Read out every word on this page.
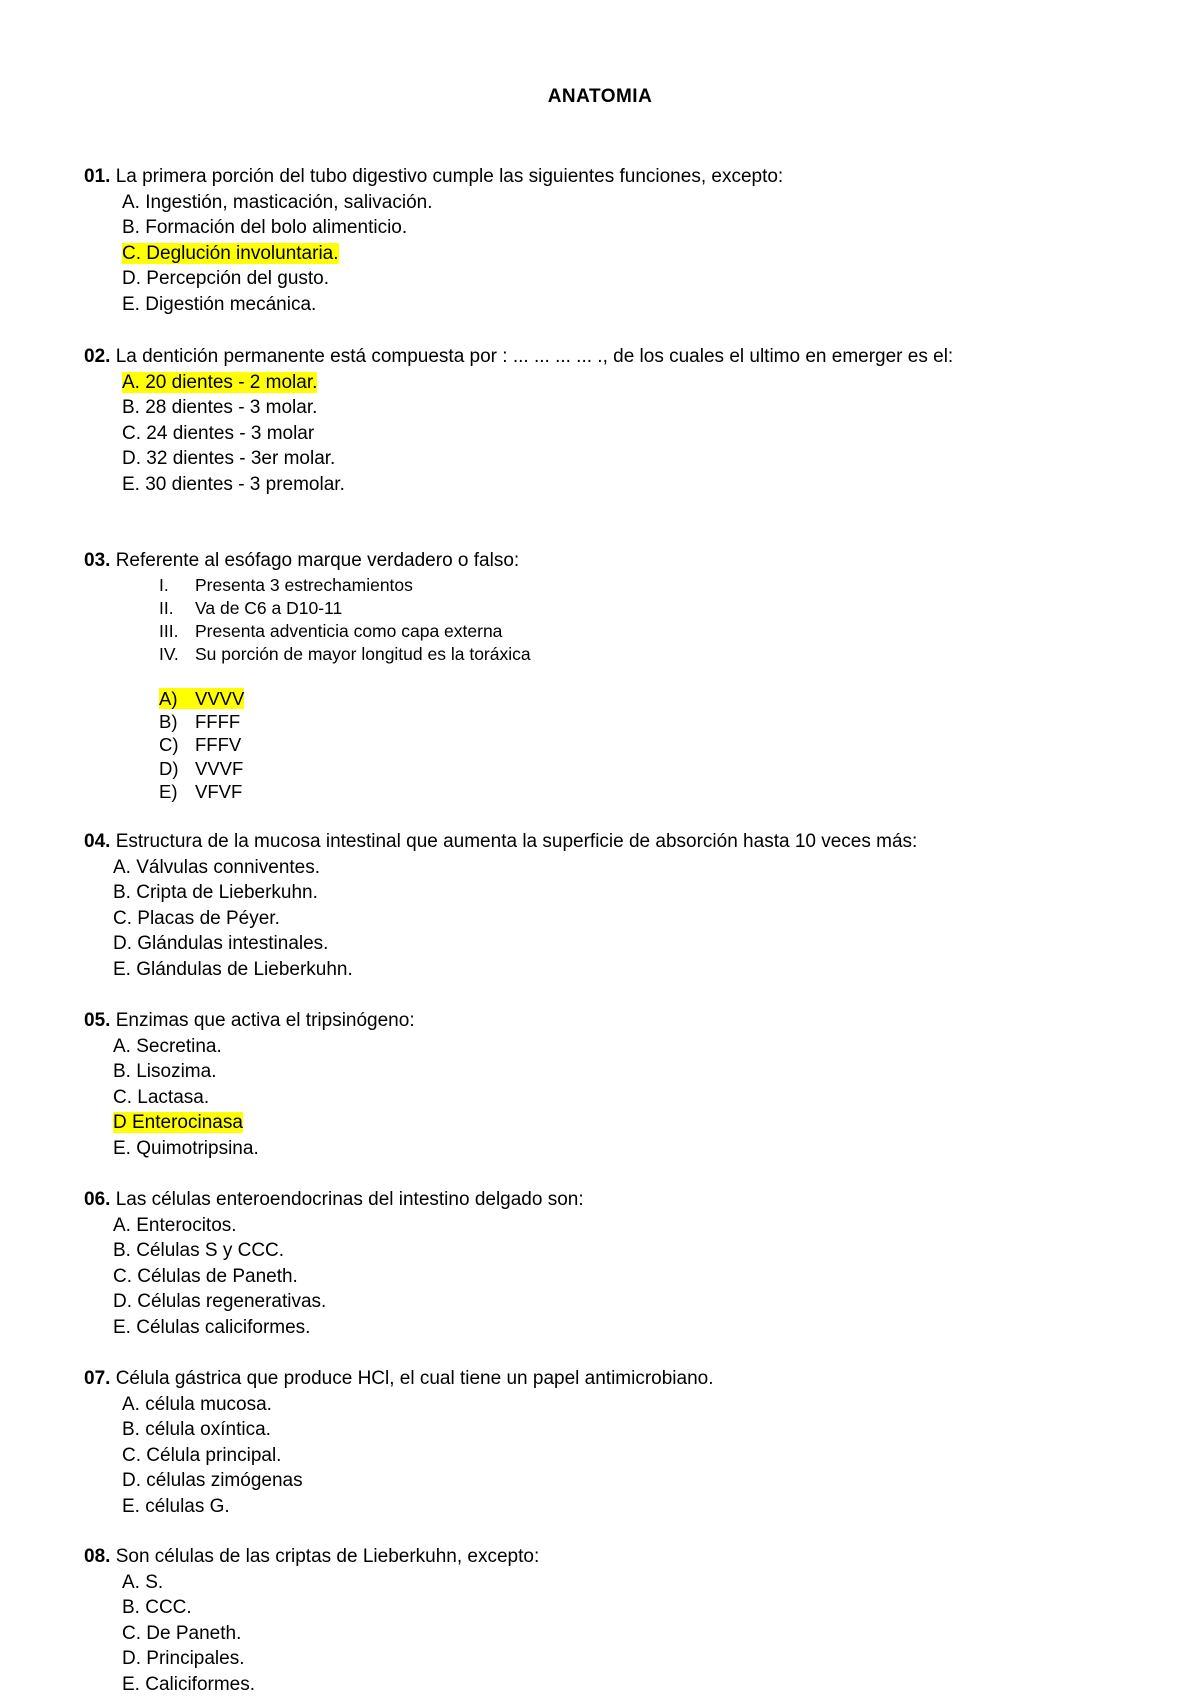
ANATOMIA
01. La primera porción del tubo digestivo cumple las siguientes funciones, excepto:
A. Ingestión, masticación, salivación.
B. Formación del bolo alimenticio.
C. Deglución involuntaria.
D. Percepción del gusto.
E. Digestión mecánica.
02. La dentición permanente está compuesta por : ... ... ... ... ., de los cuales el ultimo en emerger es el:
A. 20 dientes - 2 molar.
B. 28 dientes - 3 molar.
C. 24 dientes - 3 molar
D. 32 dientes - 3er molar.
E. 30 dientes - 3 premolar.
03. Referente al esófago marque verdadero o falso:
I. Presenta 3 estrechamientos
II. Va de C6 a D10-11
III. Presenta adventicia como capa externa
IV. Su porción de mayor longitud es la toráxica
A) VVVV
B) FFFF
C) FFFV
D) VVVF
E) VFVF
04. Estructura de la mucosa intestinal que aumenta la superficie de absorción hasta 10 veces más:
A. Válvulas conniventes.
B. Cripta de Lieberkuhn.
C. Placas de Péyer.
D. Glándulas intestinales.
E. Glándulas de Lieberkuhn.
05. Enzimas que activa el tripsinógeno:
A. Secretina.
B. Lisozima.
C. Lactasa.
D Enterocinasa
E. Quimotripsina.
06. Las células enteroendocrinas del intestino delgado son:
A. Enterocitos.
B. Células S y CCC.
C. Células de Paneth.
D. Células regenerativas.
E. Células caliciformes.
07. Célula gástrica que produce HCl, el cual tiene un papel antimicrobiano.
A. célula mucosa.
B. célula oxíntica.
C. Célula principal.
D. células zimógenas
E. células G.
08. Son células de las criptas de Lieberkuhn, excepto:
A. S.
B. CCC.
C. De Paneth.
D. Principales.
E. Caliciformes.
